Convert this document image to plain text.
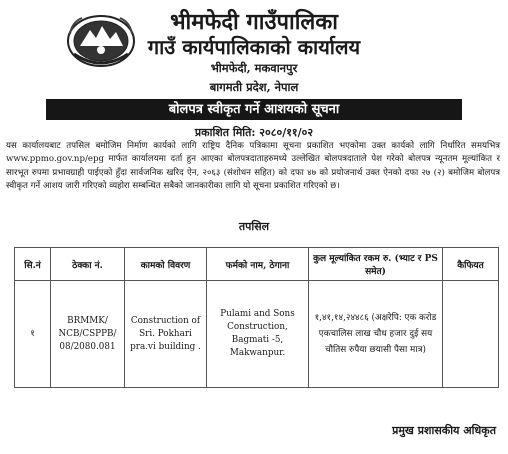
भीमफेदी गाउँपालिका
गाउँ कार्यपालिकाको कार्यालय
भीमफेदी, मकवानपुर
बागमती प्रदेश, नेपाल
बोलपत्र स्वीकृत गर्ने आशयको सूचना
प्रकाशित मिति: २०८०/११/०२
यस कार्यालयबाट तपसिल बमोजिम निर्माण कार्यको लागि राष्ट्रिय दैनिक पत्रिकामा सूचना प्रकाशित भएकोमा उक्त कार्यको लागि निर्धारित समयभित्र www.ppmo.gov.np/epg मार्फत कार्यालयमा दर्ता हुन आएका बोलपत्रदाताहरुमध्ये उल्लेखित बोलपत्रदाताले पेश गरेको बोलपत्र न्यूनतम मूल्यांकित र सारभूत रुपमा प्रभावग्राही पाईएको हुँदा सार्वजनिक खरिद ऐन, २०६३ (संशोधन सहित) को दफा ४७ को प्रयोजनार्थ उक्त ऐनको दफा २७ (२) बमोजिम बोलपत्र स्वीकृत गर्ने आशय जारी गरिएको व्यहोरा सम्बन्धित सबैको जानकारीका लागि यो सूचना प्रकाशित गरिएको छ।
तपसिल
सि.नं	ठेक्का नं.	कामको विवरण	फर्मको नाम, ठेगाना	कुल मूल्यांकित रकम रु. (भ्याट र PS समेत)	कैफियत
१	BRMMK/ NCB/CSPPB/ 08/2080.081	Construction of Sri. Pokhari pra.vi building .	Pulami and Sons Construction, Bagmati -5, Makwanpur.	१,४१,१४,२४४८६ (अक्षरेपि: एक करोड एकचालिस लाख चौध हजार दुई सय चौतिस रुपैया छयासी पैसा मात्र)	
प्रमुख प्रशासकीय अधिकृत
